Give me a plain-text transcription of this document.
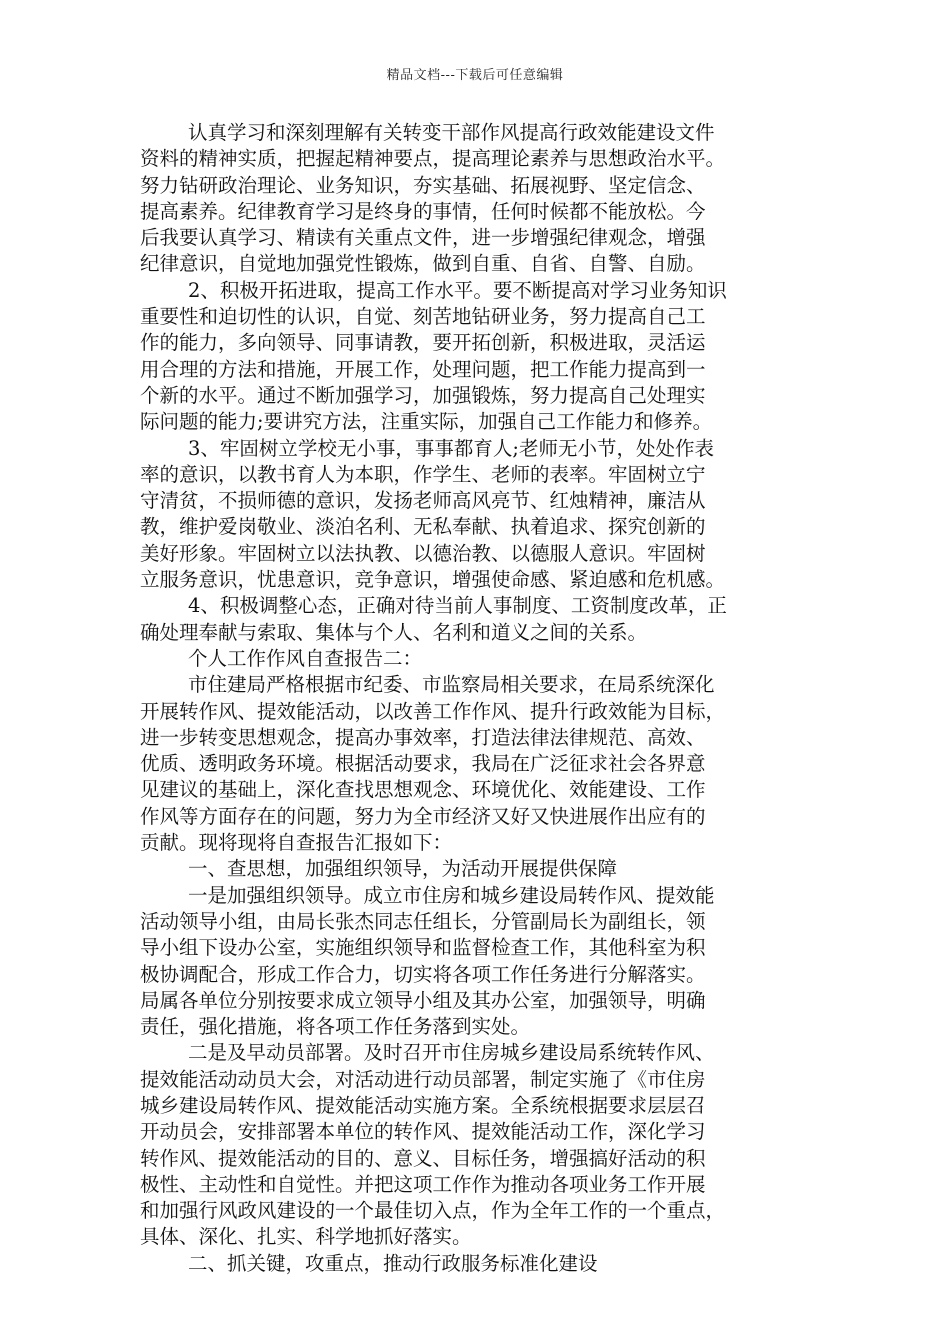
精品文档---下载后可任意编辑
认真学习和深刻理解有关转变干部作风提高行政效能建设文件
资料的精神实质，把握起精神要点，提高理论素养与思想政治水平。
努力钻研政治理论、业务知识，夯实基础、拓展视野、坚定信念、
提高素养。纪律教育学习是终身的事情，任何时候都不能放松。今
后我要认真学习、精读有关重点文件，进一步增强纪律观念，增强
纪律意识，自觉地加强党性锻炼，做到自重、自省、自警、自励。
2、积极开拓进取，提高工作水平。要不断提高对学习业务知识
重要性和迫切性的认识，自觉、刻苦地钻研业务，努力提高自己工
作的能力，多向领导、同事请教，要开拓创新，积极进取，灵活运
用合理的方法和措施，开展工作，处理问题，把工作能力提高到一
个新的水平。通过不断加强学习，加强锻炼，努力提高自己处理实
际问题的能力;要讲究方法，注重实际，加强自己工作能力和修养。
3、牢固树立学校无小事，事事都育人;老师无小节，处处作表
率的意识，以教书育人为本职，作学生、老师的表率。牢固树立宁
守清贫，不损师德的意识，发扬老师高风亮节、红烛精神，廉洁从
教，维护爱岗敬业、淡泊名利、无私奉献、执着追求、探究创新的
美好形象。牢固树立以法执教、以德治教、以德服人意识。牢固树
立服务意识，忧患意识，竞争意识，增强使命感、紧迫感和危机感。
4、积极调整心态，正确对待当前人事制度、工资制度改革，正
确处理奉献与索取、集体与个人、名利和道义之间的关系。
个人工作作风自查报告二：
市住建局严格根据市纪委、市监察局相关要求，在局系统深化
开展转作风、提效能活动，以改善工作作风、提升行政效能为目标，
进一步转变思想观念，提高办事效率，打造法律法律规范、高效、
优质、透明政务环境。根据活动要求，我局在广泛征求社会各界意
见建议的基础上，深化查找思想观念、环境优化、效能建设、工作
作风等方面存在的问题，努力为全市经济又好又快进展作出应有的
贡献。现将现将自查报告汇报如下：
一、查思想，加强组织领导，为活动开展提供保障
一是加强组织领导。成立市住房和城乡建设局转作风、提效能
活动领导小组，由局长张杰同志任组长，分管副局长为副组长，领
导小组下设办公室，实施组织领导和监督检查工作，其他科室为积
极协调配合，形成工作合力，切实将各项工作任务进行分解落实。
局属各单位分别按要求成立领导小组及其办公室，加强领导，明确
责任，强化措施，将各项工作任务落到实处。
二是及早动员部署。及时召开市住房城乡建设局系统转作风、
提效能活动动员大会，对活动进行动员部署，制定实施了《市住房
城乡建设局转作风、提效能活动实施方案。全系统根据要求层层召
开动员会，安排部署本单位的转作风、提效能活动工作，深化学习
转作风、提效能活动的目的、意义、目标任务，增强搞好活动的积
极性、主动性和自觉性。并把这项工作作为推动各项业务工作开展
和加强行风政风建设的一个最佳切入点，作为全年工作的一个重点，
具体、深化、扎实、科学地抓好落实。
二、抓关键，攻重点，推动行政服务标准化建设
